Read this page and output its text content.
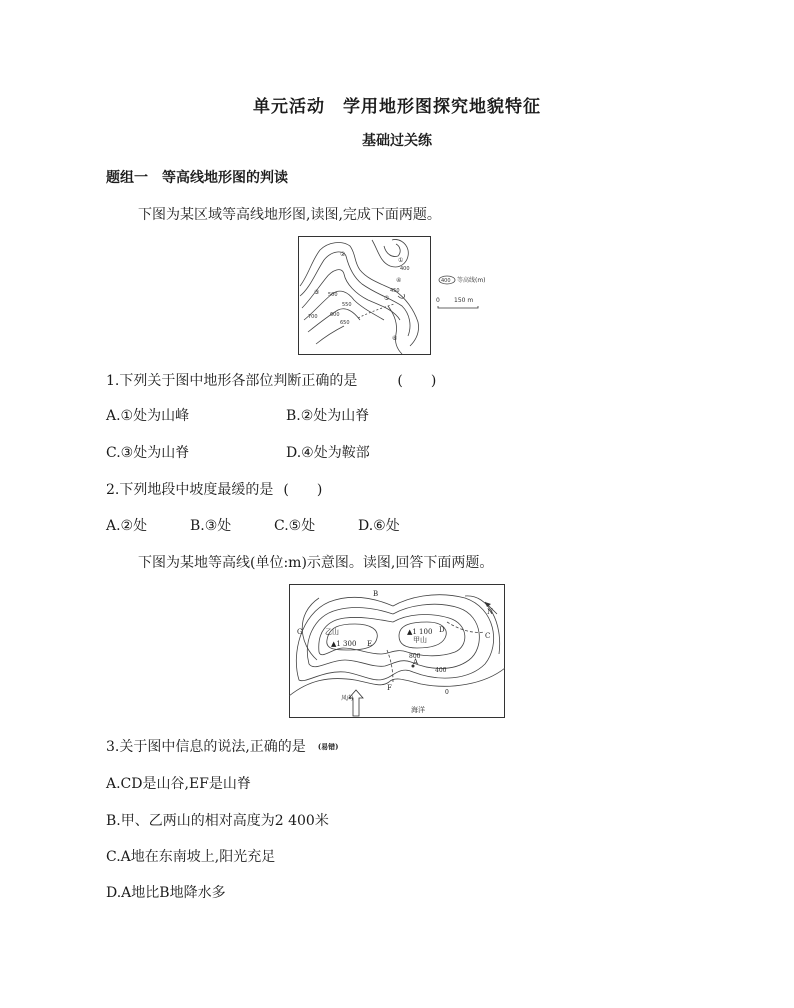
单元活动　学用地形图探究地貌特征
基础过关练
题组一　等高线地形图的判读
下图为某区域等高线地形图,读图,完成下面两题。
①
②
③
④
⑤
⑥
400
450
500
550
600
650
700
400 等高线(m)
0 150 m
1.下列关于图中地形各部位判断正确的是	(　　)
A.①处为山峰	B.②处为山脊
C.③处为山脊	D.④处为鞍部
2.下列地段中坡度最缓的是 (　　)
A.②处	B.③处	C.⑤处	D.⑥处
下图为某地等高线(单位:m)示意图。读图,回答下面两题。
乙山
▲1 300	甲山
▲1 100
A
B
C
D
E
F
G
N
800
400
0
风向
海洋
3.关于图中信息的说法,正确的是 (易错)
A.CD是山谷,EF是山脊
B.甲、乙两山的相对高度为2 400米
C.A地在东南坡上,阳光充足
D.A地比B地降水多
